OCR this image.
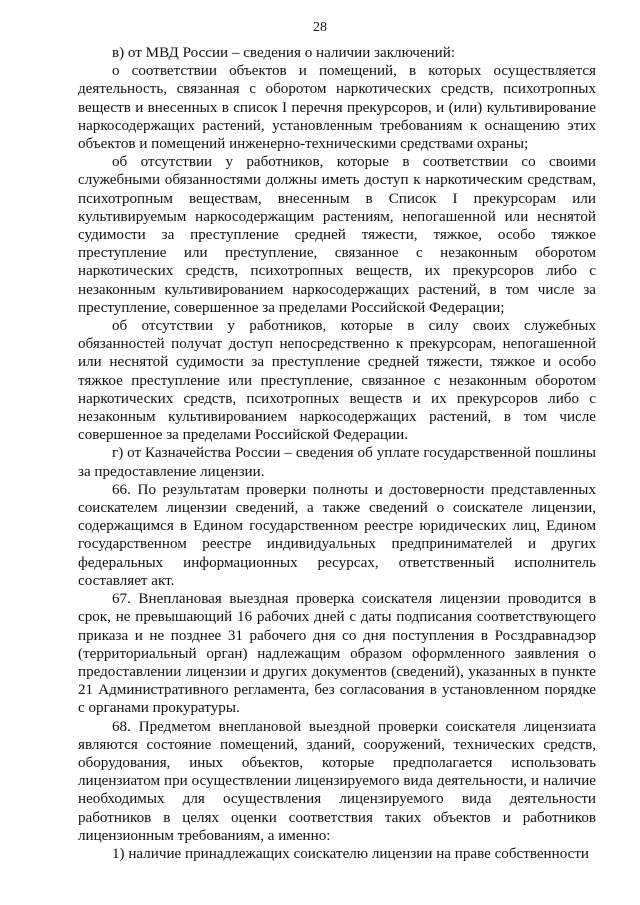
28

в) от МВД России – сведения о наличии заключений:

о соответствии объектов и помещений, в которых осуществляется деятельность, связанная с оборотом наркотических средств, психотропных веществ и внесенных в список I перечня прекурсоров, и (или) культивирование наркосодержащих растений, установленным требованиям к оснащению этих объектов и помещений инженерно-техническими средствами охраны;

об отсутствии у работников, которые в соответствии со своими служебными обязанностями должны иметь доступ к наркотическим средствам, психотропным веществам, внесенным в Список I прекурсорам или культивируемым наркосодержащим растениям, непогашенной или неснятой судимости за преступление средней тяжести, тяжкое, особо тяжкое преступление или преступление, связанное с незаконным оборотом наркотических средств, психотропных веществ, их прекурсоров либо с незаконным культивированием наркосодержащих растений, в том числе за преступление, совершенное за пределами Российской Федерации;

об отсутствии у работников, которые в силу своих служебных обязанностей получат доступ непосредственно к прекурсорам, непогашенной или неснятой судимости за преступление средней тяжести, тяжкое и особо тяжкое преступление или преступление, связанное с незаконным оборотом наркотических средств, психотропных веществ и их прекурсоров либо с незаконным культивированием наркосодержащих растений, в том числе совершенное за пределами Российской Федерации.

г) от Казначейства России – сведения об уплате государственной пошлины за предоставление лицензии.

66. По результатам проверки полноты и достоверности представленных соискателем лицензии сведений, а также сведений о соискателе лицензии, содержащимся в Едином государственном реестре юридических лиц, Едином государственном реестре индивидуальных предпринимателей и других федеральных информационных ресурсах, ответственный исполнитель составляет акт.

67. Внеплановая выездная проверка соискателя лицензии проводится в срок, не превышающий 16 рабочих дней с даты подписания соответствующего приказа и не позднее 31 рабочего дня со дня поступления в Росздравнадзор (территориальный орган) надлежащим образом оформленного заявления о предоставлении лицензии и других документов (сведений), указанных в пункте 21 Административного регламента, без согласования в установленном порядке с органами прокуратуры.

68. Предметом внеплановой выездной проверки соискателя лицензиата являются состояние помещений, зданий, сооружений, технических средств, оборудования, иных объектов, которые предполагается использовать лицензиатом при осуществлении лицензируемого вида деятельности, и наличие необходимых для осуществления лицензируемого вида деятельности работников в целях оценки соответствия таких объектов и работников лицензионным требованиям, а именно:

1) наличие принадлежащих соискателю лицензии на праве собственности
